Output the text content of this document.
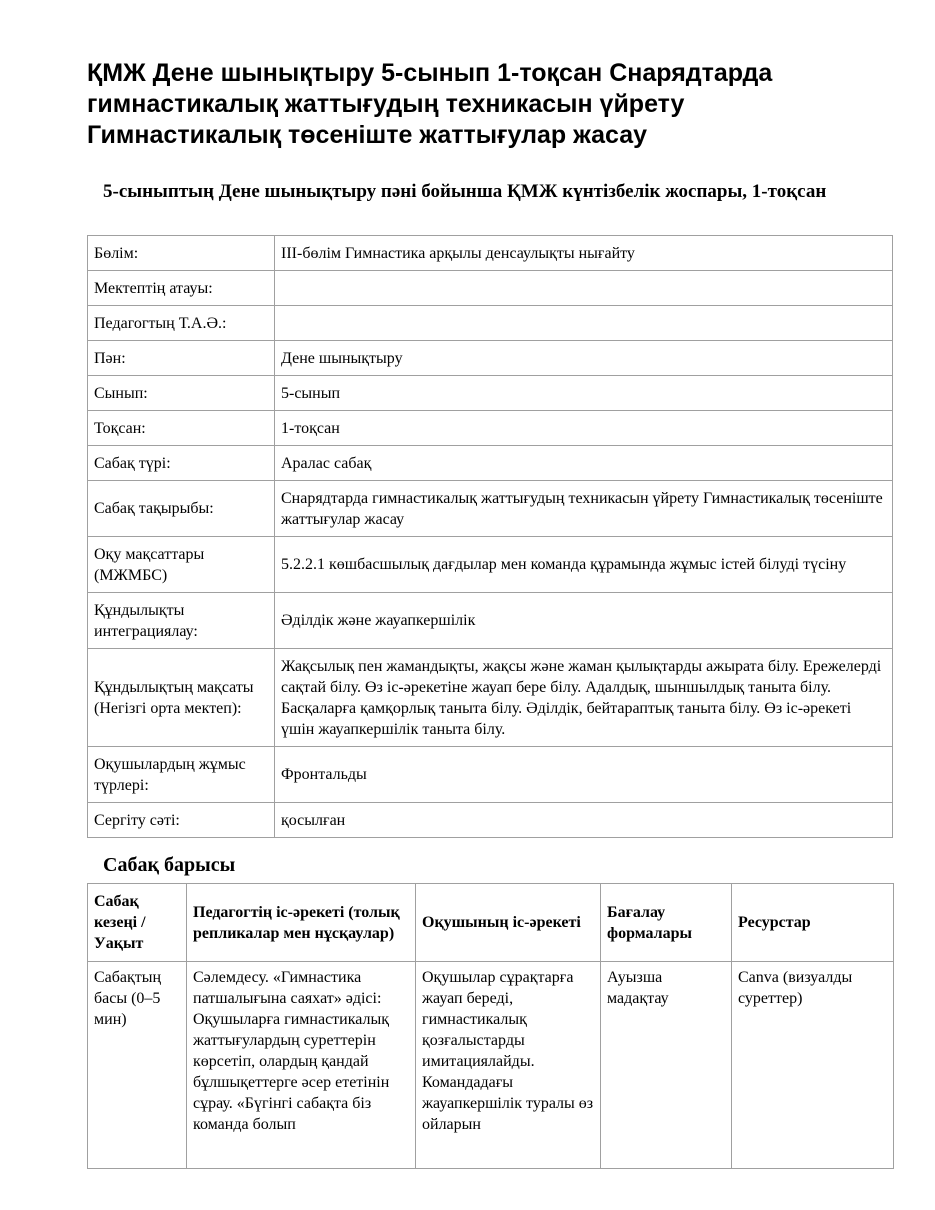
ҚМЖ Дене шынықтыру 5-сынып 1-тоқсан Снарядтарда гимнастикалық жаттығудың техникасын үйрету Гимнастикалық төсеніште жаттығулар жасау
5-сыныптың Дене шынықтыру пәні бойынша ҚМЖ күнтізбелік жоспары, 1-тоқсан
Бөлім:	ІІІ-бөлім Гимнастика арқылы денсаулықты нығайту
Мектептің атауы:	
Педагогтың Т.А.Ә.:	
Пән:	Дене шынықтыру
Сынып:	5-сынып
Тоқсан:	1-тоқсан
Сабақ түрі:	Аралас сабақ
Сабақ тақырыбы:	Снарядтарда гимнастикалық жаттығудың техникасын үйрету Гимнастикалық төсеніште жаттығулар жасау
Оқу мақсаттары (МЖМБС)	5.2.2.1 көшбасшылық дағдылар мен команда құрамында жұмыс істей білуді түсіну
Құндылықты интеграциялау:	Әділдік және жауапкершілік
Құндылықтың мақсаты (Негізгі орта мектеп):	Жақсылық пен жамандықты, жақсы және жаман қылықтарды ажырата білу. Ережелерді сақтай білу. Өз іс-әрекетіне жауап бере білу. Адалдық, шыншылдық таныта білу. Басқаларға қамқорлық таныта білу. Әділдік, бейтараптық таныта білу. Өз іс-әрекеті үшін жауапкершілік таныта білу.
Оқушылардың жұмыс түрлері:	Фронтальды
Сергіту сәті:	қосылған
Сабақ барысы
Сабақ кезеңі / Уақыт	Педагогтің іс-әрекеті (толық репликалар мен нұсқаулар)	Оқушының іс-әрекеті	Бағалау формалары	Ресурстар

Сабақтың басы (0–5 мин)	Сәлемдесу. «Гимнастика патшалығына саяхат» әдісі: Оқушыларға гимнастикалық жаттығулардың суреттерін көрсетіп, олардың қандай бұлшықеттерге әсер ететінін сұрау. «Бүгінгі сабақта біз команда болып	Оқушылар сұрақтарға жауап береді, гимнастикалық қозғалыстарды имитациялайды. Командадағы жауапкершілік туралы өз ойларын	Ауызша мадақтау	Canva (визуалды суреттер)
